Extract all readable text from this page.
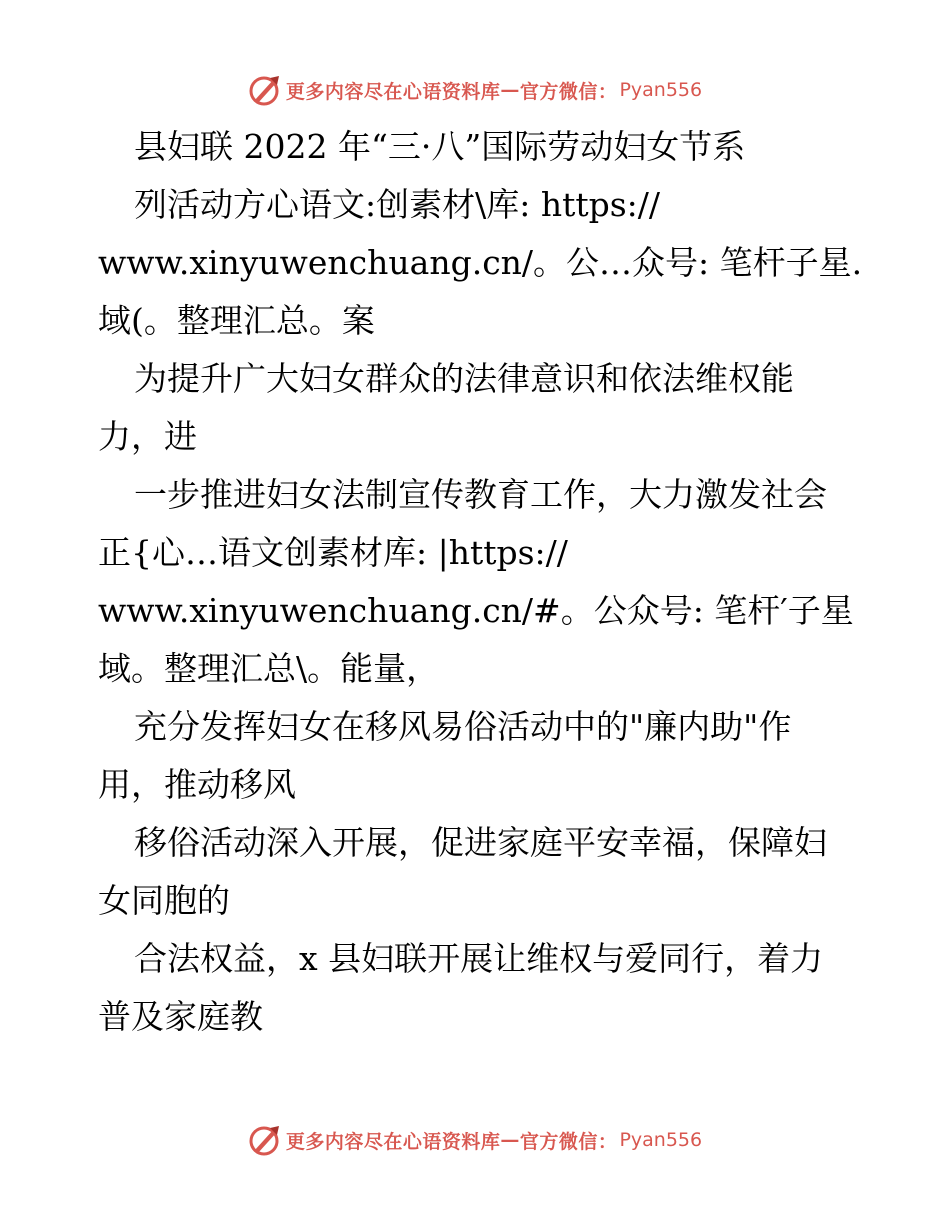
更多内容尽在心语资料库 — 官方微信： Pyan556
县妇联 2022 年“三·八”国际劳动妇女节系
列活动方心语文:创素材\库: https://
www.xinyuwenchuang.cn/。公…众号: 笔杆子星.
域(。整理汇总。案
为提升广大妇女群众的法律意识和依法维权能
力，进
一步推进妇女法制宣传教育工作，大力激发社会
正{心…语文创素材库: |https://
www.xinyuwenchuang.cn/#。公众号: 笔杆′子星
域。整理汇总\。能量，
充分发挥妇女在移风易俗活动中的"廉内助"作
用，推动移风
移俗活动深入开展，促进家庭平安幸福，保障妇
女同胞的
合法权益，x 县妇联开展让维权与爱同行，着力
普及家庭教
更多内容尽在心语资料库 — 官方微信： Pyan556
